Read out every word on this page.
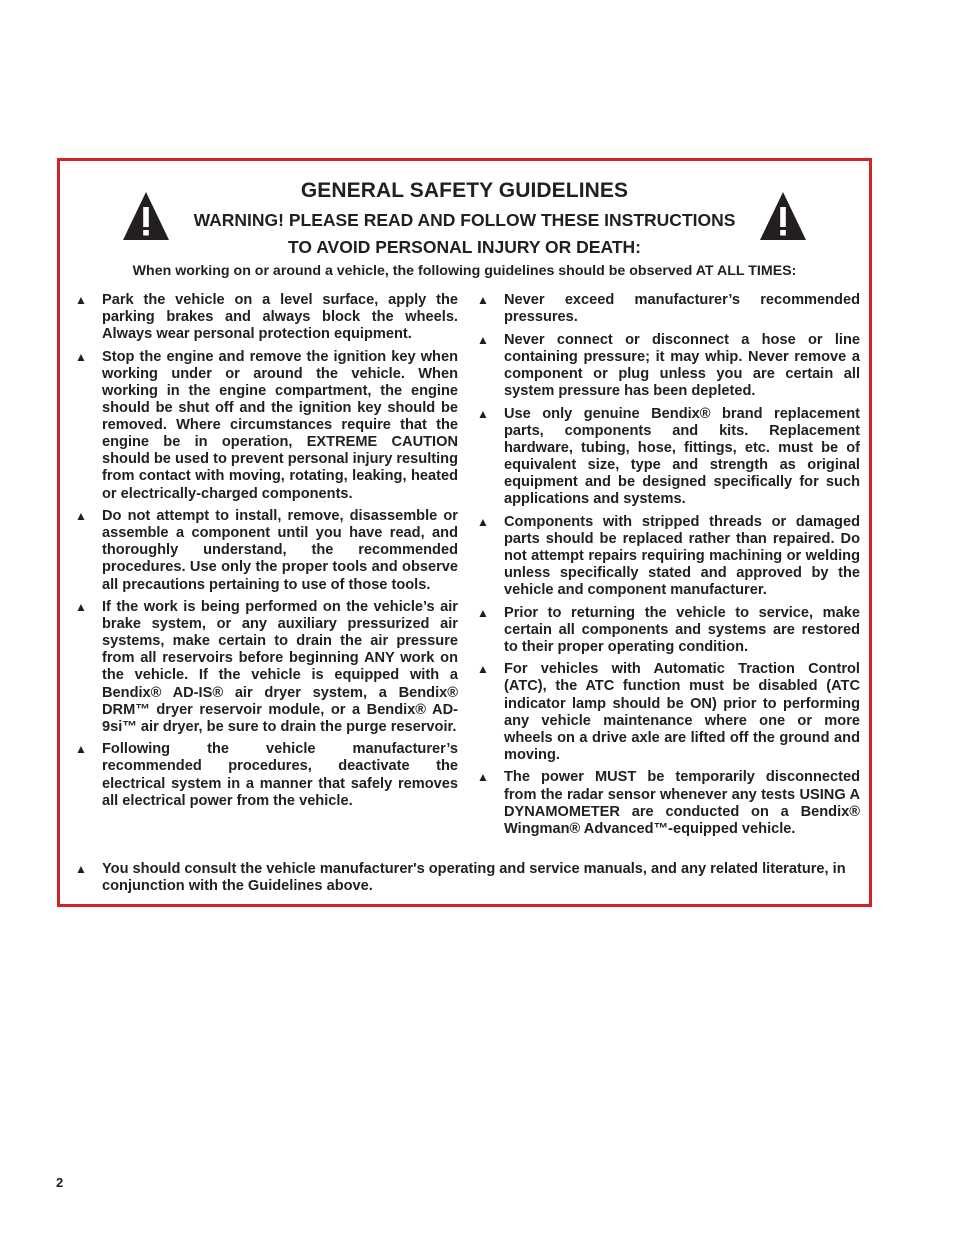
GENERAL SAFETY GUIDELINES
WARNING! PLEASE READ AND FOLLOW THESE INSTRUCTIONS
TO AVOID PERSONAL INJURY OR DEATH:
When working on or around a vehicle, the following guidelines should be observed AT ALL TIMES:
▲ Park the vehicle on a level surface, apply the parking brakes and always block the wheels. Always wear personal protection equipment.
▲ Stop the engine and remove the ignition key when working under or around the vehicle. When working in the engine compartment, the engine should be shut off and the ignition key should be removed. Where circumstances require that the engine be in operation, EXTREME CAUTION should be used to prevent personal injury resulting from contact with moving, rotating, leaking, heated or electrically-charged components.
▲ Do not attempt to install, remove, disassemble or assemble a component until you have read, and thoroughly understand, the recommended procedures. Use only the proper tools and observe all precautions pertaining to use of those tools.
▲ If the work is being performed on the vehicle’s air brake system, or any auxiliary pressurized air systems, make certain to drain the air pressure from all reservoirs before beginning ANY work on the vehicle. If the vehicle is equipped with a Bendix® AD-IS® air dryer system, a Bendix® DRM™ dryer reservoir module, or a Bendix® AD-9si™ air dryer, be sure to drain the purge reservoir.
▲ Following the vehicle manufacturer’s recommended procedures, deactivate the electrical system in a manner that safely removes all electrical power from the vehicle.
▲ Never exceed manufacturer’s recommended pressures.
▲ Never connect or disconnect a hose or line containing pressure; it may whip. Never remove a component or plug unless you are certain all system pressure has been depleted.
▲ Use only genuine Bendix® brand replacement parts, components and kits. Replacement hardware, tubing, hose, fittings, etc. must be of equivalent size, type and strength as original equipment and be designed specifically for such applications and systems.
▲ Components with stripped threads or damaged parts should be replaced rather than repaired. Do not attempt repairs requiring machining or welding unless specifically stated and approved by the vehicle and component manufacturer.
▲ Prior to returning the vehicle to service, make certain all components and systems are restored to their proper operating condition.
▲ For vehicles with Automatic Traction Control (ATC), the ATC function must be disabled (ATC indicator lamp should be ON) prior to performing any vehicle maintenance where one or more wheels on a drive axle are lifted off the ground and moving.
▲ The power MUST be temporarily disconnected from the radar sensor whenever any tests USING A DYNAMOMETER are conducted on a Bendix® Wingman® Advanced™-equipped vehicle.
▲	You should consult the vehicle manufacturer's operating and service manuals, and any related literature, in conjunction with the Guidelines above.
2
